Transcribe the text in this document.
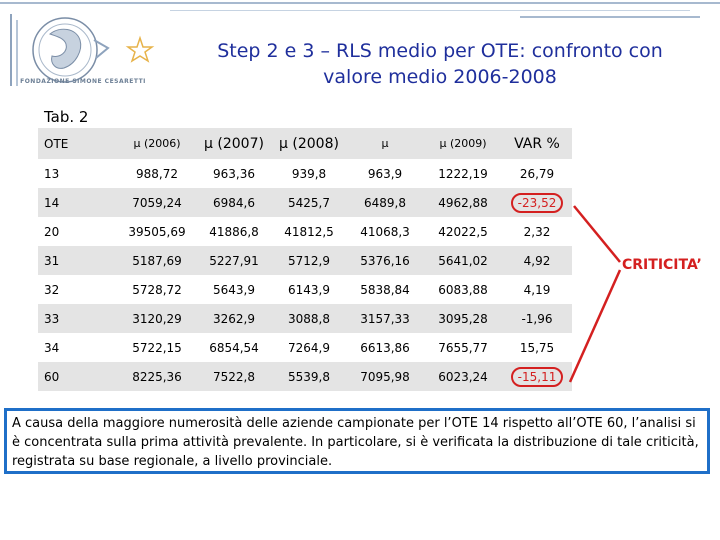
FONDAZIONE SIMONE CESARETTI
Step 2 e 3 – RLS medio per OTE: confronto con
valore medio 2006-2008
Tab. 2
OTE	μ (2006)	μ (2007)	μ (2008)	μ	μ (2009)	VAR %
13	988,72	963,36	939,8	963,9	1222,19	26,79
14	7059,24	6984,6	5425,7	6489,8	4962,88	-23,52
20	39505,69	41886,8	41812,5	41068,3	42022,5	2,32
31	5187,69	5227,91	5712,9	5376,16	5641,02	4,92
32	5728,72	5643,9	6143,9	5838,84	6083,88	4,19
33	3120,29	3262,9	3088,8	3157,33	3095,28	-1,96
34	5722,15	6854,54	7264,9	6613,86	7655,77	15,75
60	8225,36	7522,8	5539,8	7095,98	6023,24	-15,11
CRITICITA’
A causa della maggiore numerosità delle aziende campionate per l’OTE 14 rispetto all’OTE 60, l’analisi si è concentrata sulla prima attività prevalente. In particolare, si è verificata la distribuzione di tale criticità, registrata su base regionale, a livello provinciale.
